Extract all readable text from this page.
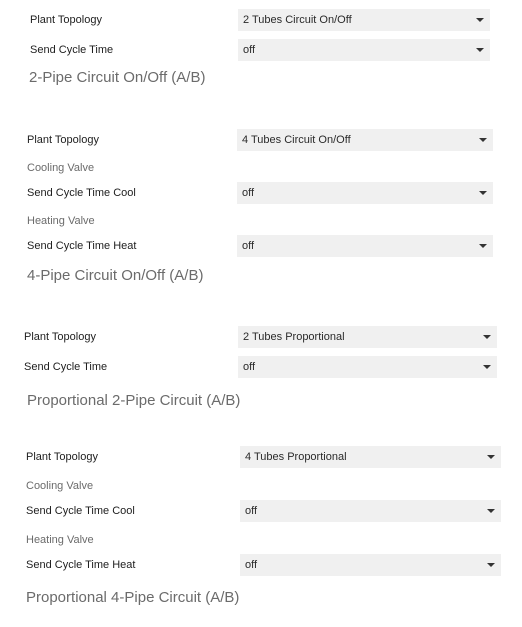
Plant Topology	2 Tubes Circuit On/Off
Send Cycle Time	off
2-Pipe Circuit On/Off (A/B)
Plant Topology	4 Tubes Circuit On/Off
Cooling Valve
Send Cycle Time Cool	off
Heating Valve
Send Cycle Time Heat	off
4-Pipe Circuit On/Off (A/B)
Plant Topology	2 Tubes Proportional
Send Cycle Time	off
Proportional 2-Pipe Circuit (A/B)
Plant Topology	4 Tubes Proportional
Cooling Valve
Send Cycle Time Cool	off
Heating Valve
Send Cycle Time Heat	off
Proportional 4-Pipe Circuit (A/B)
